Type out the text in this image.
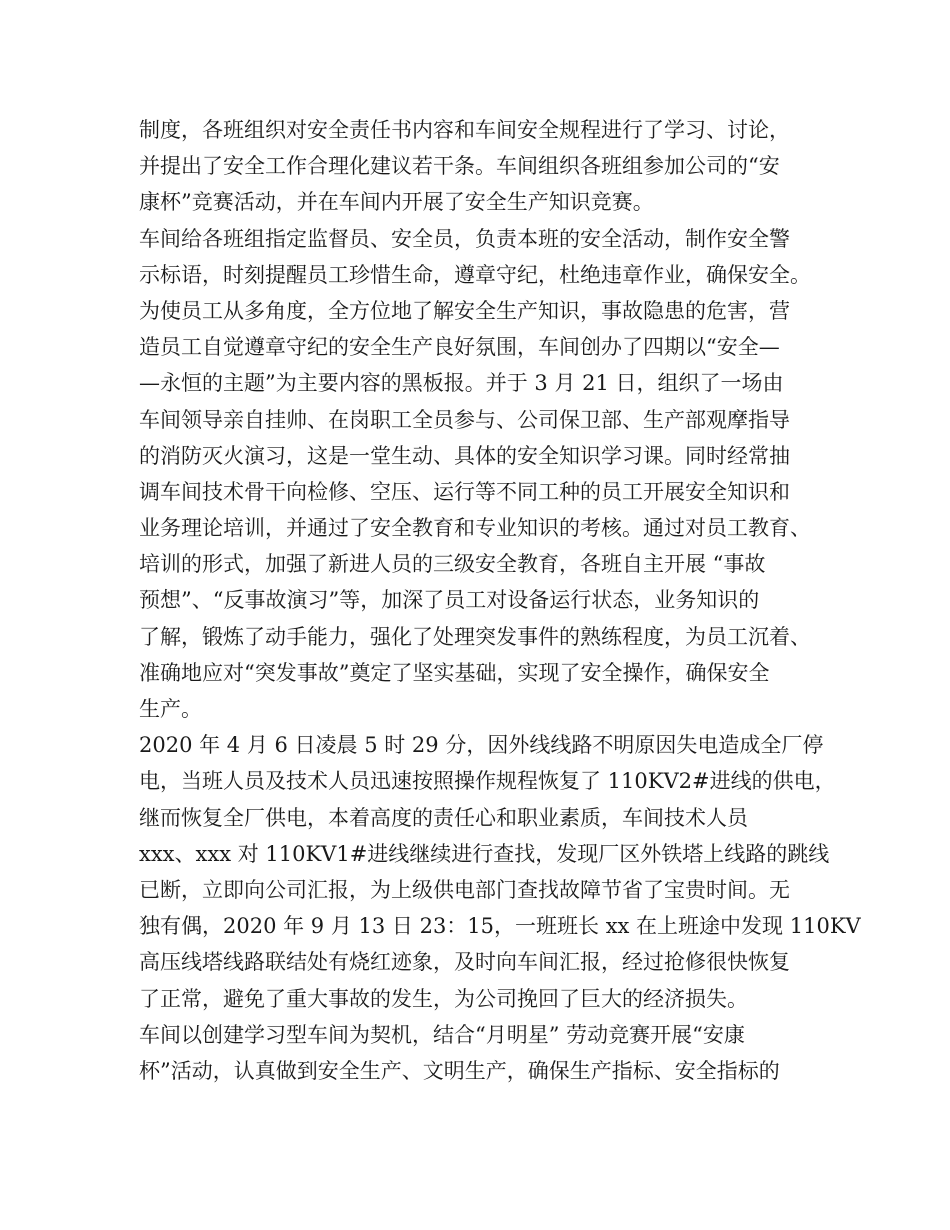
制度，各班组织对安全责任书内容和车间安全规程进行了学习、讨论，
并提出了安全工作合理化建议若干条。车间组织各班组参加公司的“安
康杯”竞赛活动，并在车间内开展了安全生产知识竞赛。
车间给各班组指定监督员、安全员，负责本班的安全活动，制作安全警
示标语，时刻提醒员工珍惜生命，遵章守纪，杜绝违章作业，确保安全。
为使员工从多角度，全方位地了解安全生产知识，事故隐患的危害，营
造员工自觉遵章守纪的安全生产良好氛围，车间创办了四期以“安全—
—永恒的主题”为主要内容的黑板报。并于 3 月 21 日，组织了一场由
车间领导亲自挂帅、在岗职工全员参与、公司保卫部、生产部观摩指导
的消防灭火演习，这是一堂生动、具体的安全知识学习课。同时经常抽
调车间技术骨干向检修、空压、运行等不同工种的员工开展安全知识和
业务理论培训，并通过了安全教育和专业知识的考核。通过对员工教育、
培训的形式，加强了新进人员的三级安全教育，各班自主开展 “事故
预想”、“反事故演习”等，加深了员工对设备运行状态，业务知识的
了解，锻炼了动手能力，强化了处理突发事件的熟练程度，为员工沉着、
准确地应对“突发事故”奠定了坚实基础，实现了安全操作，确保安全
生产。
2020 年 4 月 6 日凌晨 5 时 29 分，因外线线路不明原因失电造成全厂停
电，当班人员及技术人员迅速按照操作规程恢复了 110KV2#进线的供电，
继而恢复全厂供电，本着高度的责任心和职业素质，车间技术人员
xxx、xxx 对 110KV1#进线继续进行查找，发现厂区外铁塔上线路的跳线
已断，立即向公司汇报，为上级供电部门查找故障节省了宝贵时间。无
独有偶，2020 年 9 月 13 日 23：15，一班班长 xx 在上班途中发现 110KV
高压线塔线路联结处有烧红迹象，及时向车间汇报，经过抢修很快恢复
了正常，避免了重大事故的发生，为公司挽回了巨大的经济损失。
车间以创建学习型车间为契机，结合“月明星” 劳动竞赛开展“安康
杯”活动，认真做到安全生产、文明生产，确保生产指标、安全指标的
